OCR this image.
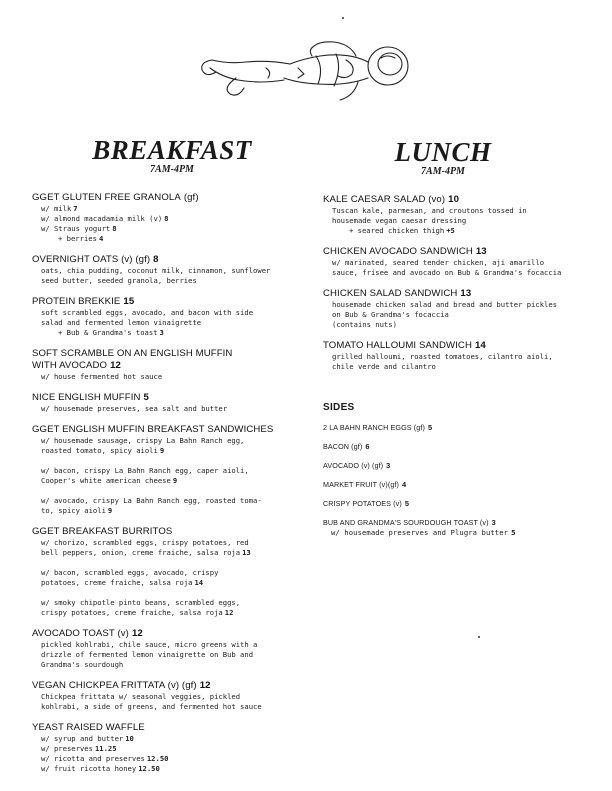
BREAKFAST
7AM-4PM
GGET GLUTEN FREE GRANOLA (gf)
w/ milk 7
w/ almond macadamia milk (v) 8
w/ Straus yogurt 8
+ berries 4
OVERNIGHT OATS (v) (gf) 8
oats, chia pudding, coconut milk, cinnamon, sunflower
seed butter, seeded granola, berries
PROTEIN BREKKIE 15
soft scrambled eggs, avocado, and bacon with side
salad and fermented lemon vinaigrette
+ Bub & Grandma's toast 3
SOFT SCRAMBLE ON AN ENGLISH MUFFIN
WITH AVOCADO 12
w/ house fermented hot sauce
NICE ENGLISH MUFFIN 5
w/ housemade preserves, sea salt and butter
GGET ENGLISH MUFFIN BREAKFAST SANDWICHES
w/ housemade sausage, crispy La Bahn Ranch egg,
roasted tomato, spicy aioli 9

w/ bacon, crispy La Bahn Ranch egg, caper aioli,
Cooper's white american cheese 9

w/ avocado, crispy La Bahn Ranch egg, roasted toma-
to, spicy aioli 9
GGET BREAKFAST BURRITOS
w/ chorizo, scrambled eggs, crispy potatoes, red
bell peppers, onion, creme fraiche, salsa roja 13

w/ bacon, scrambled eggs, avocado, crispy
potatoes, creme fraiche, salsa roja 14

w/ smoky chipotle pinto beans, scrambled eggs,
crispy potatoes, creme fraiche, salsa roja 12
AVOCADO TOAST (v) 12
pickled kohlrabi, chile sauce, micro greens with a
drizzle of fermented lemon vinaigrette on Bub and
Grandma's sourdough
VEGAN CHICKPEA FRITTATA (v) (gf) 12
Chickpea frittata w/ seasonal veggies, pickled
kohlrabi, a side of greens, and fermented hot sauce
YEAST RAISED WAFFLE
w/ syrup and butter 10
w/ preserves 11.25
w/ ricotta and preserves 12.50
w/ fruit ricotta honey 12.50
LUNCH
7AM-4PM
KALE CAESAR SALAD (vo) 10
Tuscan kale, parmesan, and croutons tossed in
housemade vegan caesar dressing
+ seared chicken thigh +5
CHICKEN AVOCADO SANDWICH 13
w/ marinated, seared tender chicken, aji amarillo
sauce, frisee and avocado on Bub & Grandma's focaccia
CHICKEN SALAD SANDWICH 13
housemade chicken salad and bread and butter pickles
on Bub & Grandma's focaccia
(contains nuts)
TOMATO HALLOUMI SANDWICH 14
grilled halloumi, roasted tomatoes, cilantro aioli,
chile verde and cilantro
SIDES
2 LA BAHN RANCH EGGS (gf) 5
BACON (gf) 6
AVOCADO (v) (gf) 3
MARKET FRUIT (v)(gf) 4
CRISPY POTATOES (v) 5
BUB AND GRANDMA'S SOURDOUGH TOAST (v) 3
w/ housemade preserves and Plugra butter 5
